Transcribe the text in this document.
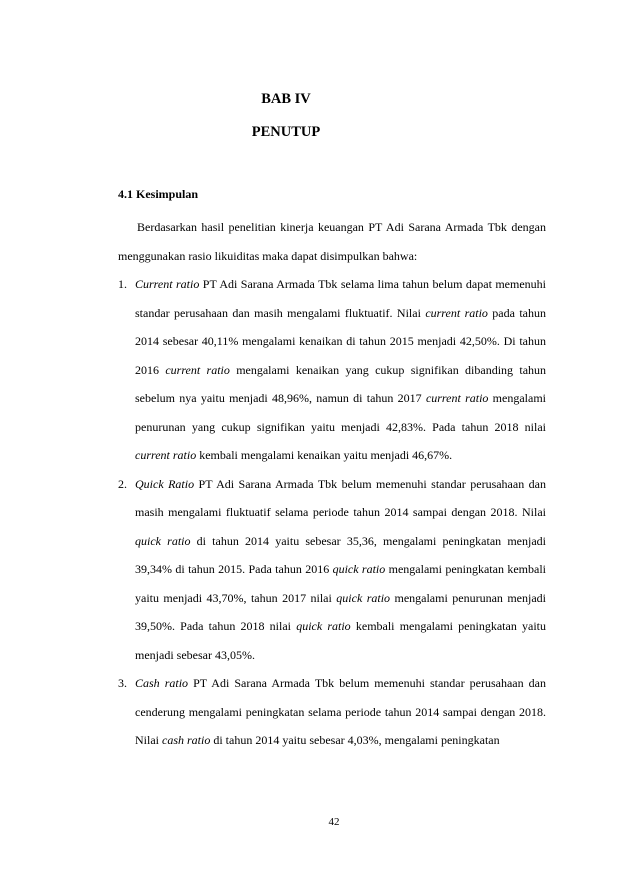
BAB IV
PENUTUP
4.1 Kesimpulan

Berdasarkan hasil penelitian kinerja keuangan PT Adi Sarana Armada Tbk dengan menggunakan rasio likuiditas maka dapat disimpulkan bahwa:

1. Current ratio PT Adi Sarana Armada Tbk selama lima tahun belum dapat memenuhi standar perusahaan dan masih mengalami fluktuatif. Nilai current ratio pada tahun 2014 sebesar 40,11% mengalami kenaikan di tahun 2015 menjadi 42,50%. Di tahun 2016 current ratio mengalami kenaikan yang cukup signifikan dibanding tahun sebelum nya yaitu menjadi 48,96%, namun di tahun 2017 current ratio mengalami penurunan yang cukup signifikan yaitu menjadi 42,83%. Pada tahun 2018 nilai current ratio kembali mengalami kenaikan yaitu menjadi 46,67%.
2. Quick Ratio PT Adi Sarana Armada Tbk belum memenuhi standar perusahaan dan masih mengalami fluktuatif selama periode tahun 2014 sampai dengan 2018. Nilai quick ratio di tahun 2014 yaitu sebesar 35,36, mengalami peningkatan menjadi 39,34% di tahun 2015. Pada tahun 2016 quick ratio mengalami peningkatan kembali yaitu menjadi 43,70%, tahun 2017 nilai quick ratio mengalami penurunan menjadi 39,50%. Pada tahun 2018 nilai quick ratio kembali mengalami peningkatan yaitu menjadi sebesar 43,05%.
3. Cash ratio PT Adi Sarana Armada Tbk belum memenuhi standar perusahaan dan cenderung mengalami peningkatan selama periode tahun 2014 sampai dengan 2018. Nilai cash ratio di tahun 2014 yaitu sebesar 4,03%, mengalami peningkatan
42
